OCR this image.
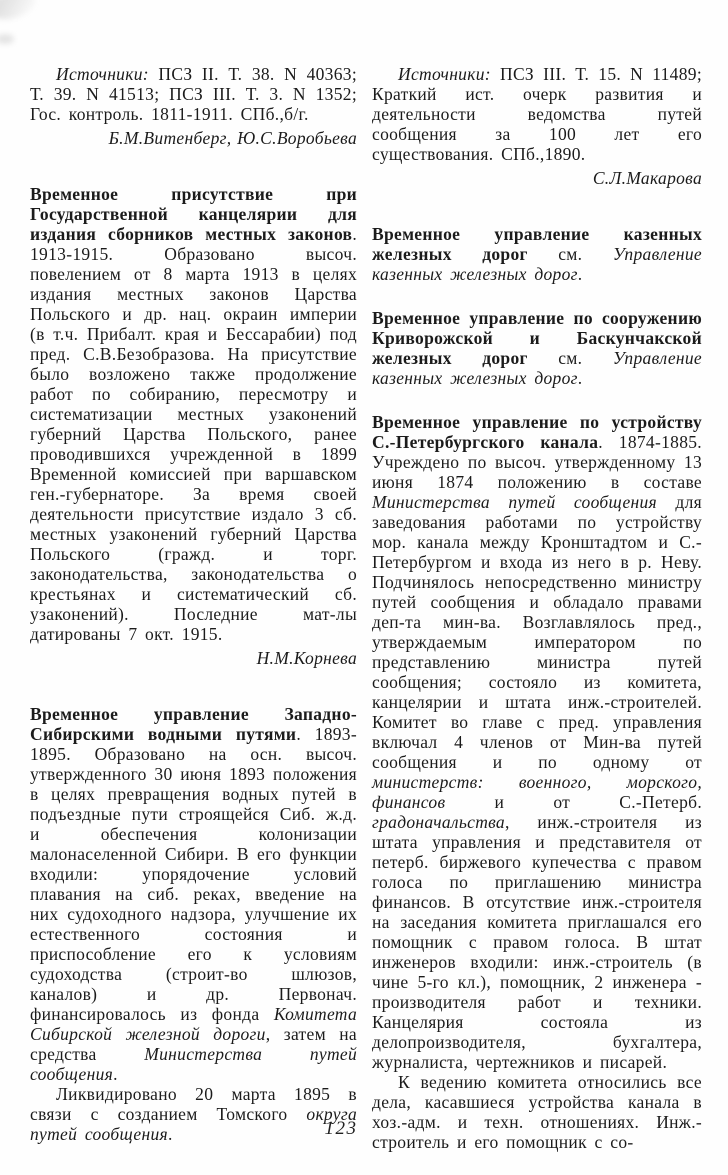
Источники: ПСЗ II. Т. 38. N 40363; Т. 39. N 41513; ПСЗ III. Т. 3. N 1352; Гос. контроль. 1811-1911. СПб.,б/г.

Б.М.Витенберг, Ю.С.Воробьева

Временное присутствие при Государственной канцелярии для издания сборников местных законов. 1913-1915. Образовано высоч. повелением от 8 марта 1913 в целях издания местных законов Царства Польского и др. нац. окраин империи (в т.ч. Прибалт. края и Бессарабии) под пред. С.В.Безобразова. На присутствие было возложено также продолжение работ по собиранию, пересмотру и систематизации местных узаконений губерний Царства Польского, ранее проводившихся учрежденной в 1899 Временной комиссией при варшавском ген.-губернаторе. За время своей деятельности присутствие издало 3 сб. местных узаконений губерний Царства Польского (гражд. и торг. законодательства, законодательства о крестьянах и систематический сб. узаконений). Последние мат-лы датированы 7 окт. 1915.

Н.М.Корнева

Временное управление Западно-Сибирскими водными путями. 1893-1895. Образовано на осн. высоч. утвержденного 30 июня 1893 положения в целях превращения водных путей в подъездные пути строящейся Сиб. ж.д. и обеспечения колонизации малонаселенной Сибири. В его функции входили: упорядочение условий плавания на сиб. реках, введение на них судоходного надзора, улучшение их естественного состояния и приспособление его к условиям судоходства (строит-во шлюзов, каналов) и др. Первонач. финансировалось из фонда Комитета Сибирской железной дороги, затем на средства Министерства путей сообщения.

Ликвидировано 20 марта 1895 в связи с созданием Томского округа путей сообщения.

Источники: ПСЗ III. Т. 15. N 11489; Краткий ист. очерк развития и деятельности ведомства путей сообщения за 100 лет его существования. СПб.,1890.

С.Л.Макарова

Временное управление казенных железных дорог см. Управление казенных железных дорог.

Временное управление по сооружению Криворожской и Баскунчакской железных дорог см. Управление казенных железных дорог.

Временное управление по устройству С.-Петербургского канала. 1874-1885. Учреждено по высоч. утвержденному 13 июня 1874 положению в составе Министерства путей сообщения для заведования работами по устройству мор. канала между Кронштадтом и С.-Петербургом и входа из него в р. Неву. Подчинялось непосредственно министру путей сообщения и обладало правами деп-та мин-ва. Возглавлялось пред., утверждаемым императором по представлению министра путей сообщения; состояло из комитета, канцелярии и штата инж.-строителей. Комитет во главе с пред. управления включал 4 членов от Мин-ва путей сообщения и по одному от министерств: военного, морского, финансов и от С.-Петерб. градоначальства, инж.-строителя из штата управления и представителя от петерб. биржевого купечества с правом голоса по приглашению министра финансов. В отсутствие инж.-строителя на заседания комитета приглашался его помощник с правом голоса. В штат инженеров входили: инж.-строитель (в чине 5-го кл.), помощник, 2 инженера - производителя работ и техники. Канцелярия состояла из делопроизводителя, бухгалтера, журналиста, чертежников и писарей.

К ведению комитета относились все дела, касавшиеся устройства канала в хоз.-адм. и техн. отношениях. Инж.-строитель и его помощник с со-

123
